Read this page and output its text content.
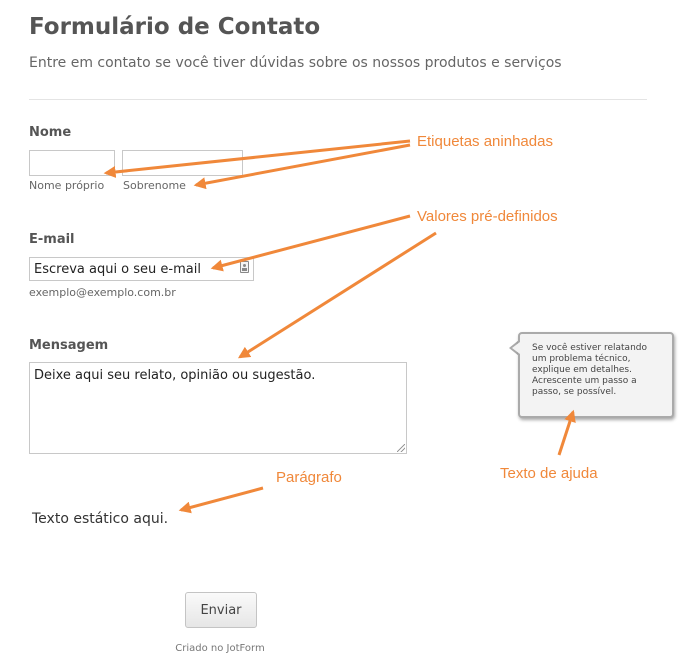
Formulário de Contato
Entre em contato se você tiver dúvidas sobre os nossos produtos e serviços
Nome
Nome próprio Sobrenome
E-mail
Escreva aqui o seu e-mail
exemplo@exemplo.com.br
Mensagem
Deixe aqui seu relato, opinião ou sugestão.	Se você estiver relatando um problema técnico, explique em detalhes. Acrescente um passo a passo, se possível.
Texto estático aqui.
Enviar
Criado no JotForm
Etiquetas aninhadas
Valores pré-definidos
Parágrafo	Texto de ajuda
